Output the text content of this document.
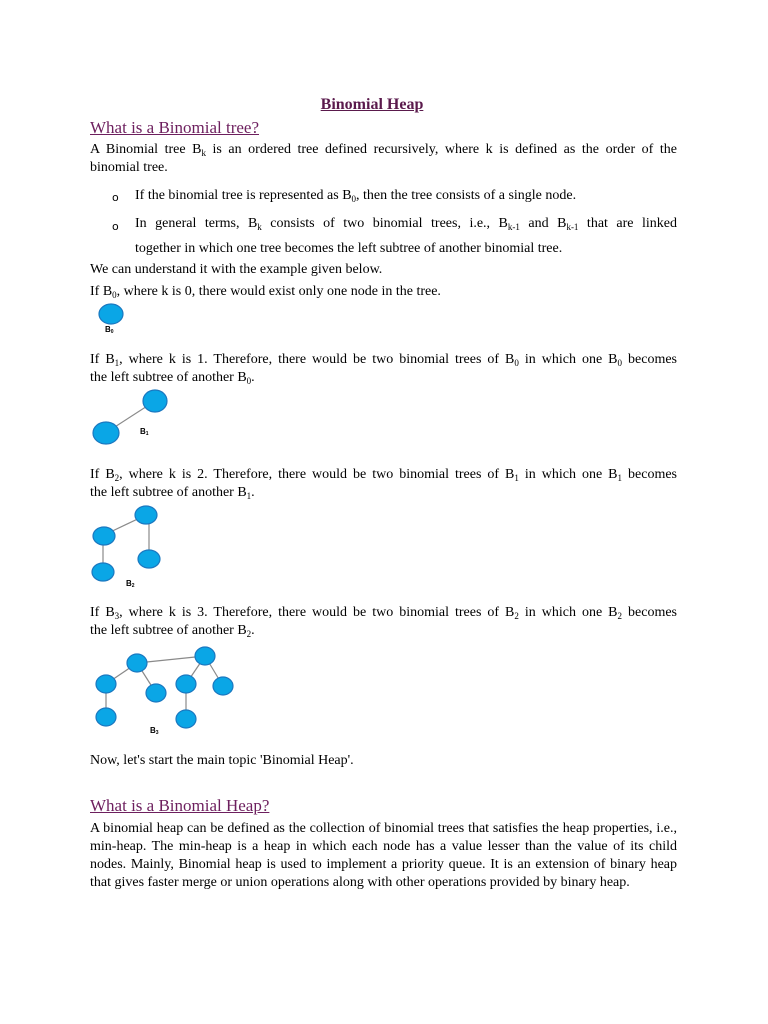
Binomial Heap

What is a Binomial tree?

A Binomial tree $B_k$ is an ordered tree defined recursively, where k is defined as the order of the

binomial tree.

o If the binomial tree is represented as $B_0$, then the tree consists of a single node.

o In general terms, $B_k$ consists of two binomial trees, i.e., $B_{k-1}$ and $B_{k-1}$ that are linked

together in which one tree becomes the left subtree of another binomial tree.

We can understand it with the example given below.

If $B_0$, where k is 0, there would exist only one node in the tree.

B0

If $B_1$, where k is 1. Therefore, there would be two binomial trees of $B_0$ in which one $B_0$ becomes

the left subtree of another $B_0$.

B1

If $B_2$, where k is 2. Therefore, there would be two binomial trees of $B_1$ in which one $B_1$ becomes

the left subtree of another $B_1$.

B2

If $B_3$, where k is 3. Therefore, there would be two binomial trees of $B_2$ in which one $B_2$ becomes

the left subtree of another $B_2$.

B3

Now, let's start the main topic 'Binomial Heap'.

What is a Binomial Heap?

A binomial heap can be defined as the collection of binomial trees that satisfies the heap properties, i.e., min-heap. The min-heap is a heap in which each node has a value lesser than the value of its child nodes. Mainly, Binomial heap is used to implement a priority queue. It is an extension of binary heap that gives faster merge or union operations along with other operations provided by binary heap.
